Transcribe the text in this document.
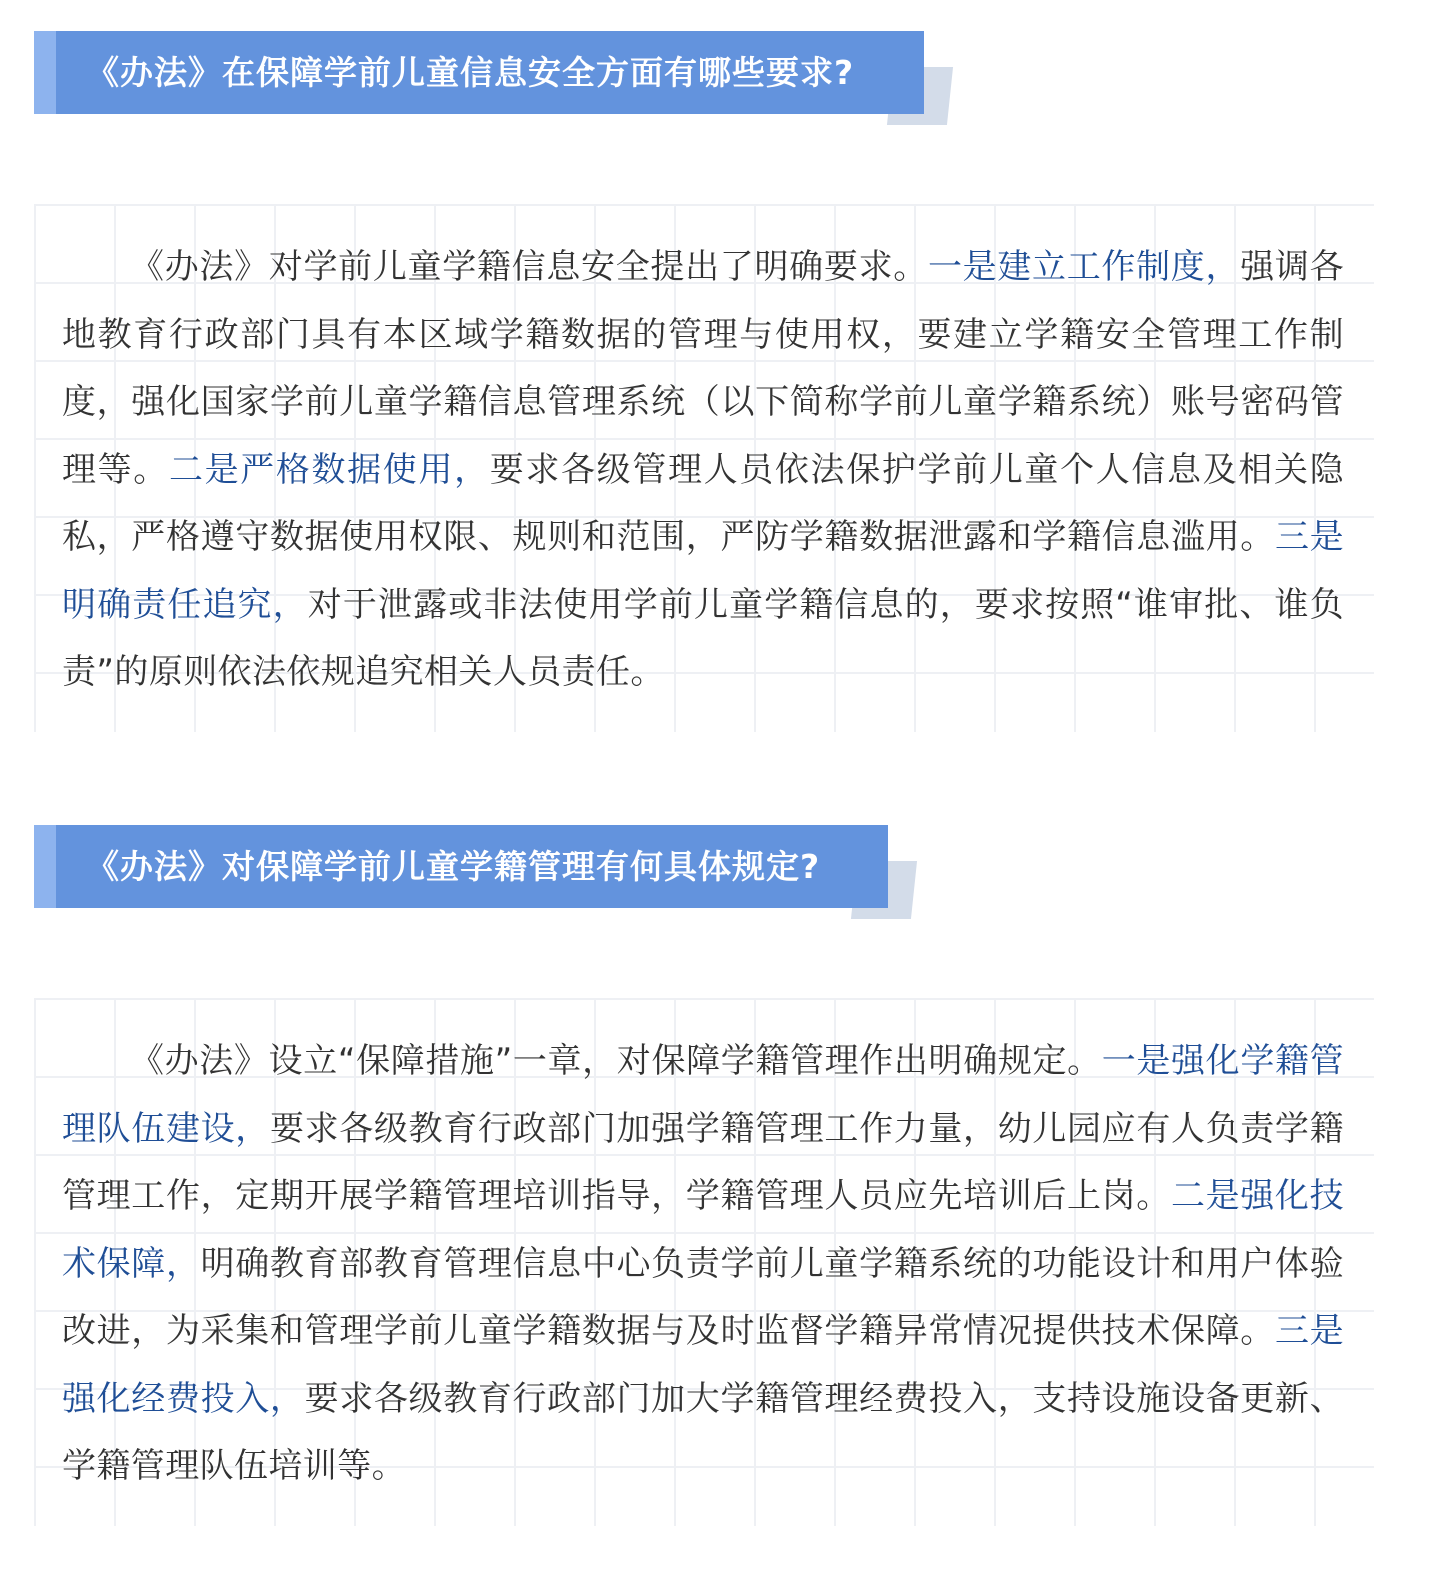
《办法》在保障学前儿童信息安全方面有哪些要求?

《办法》对学前儿童学籍信息安全提出了明确要求。一是建立工作制度，强调各地教育行政部门具有本区域学籍数据的管理与使用权，要建立学籍安全管理工作制度，强化国家学前儿童学籍信息管理系统（以下简称学前儿童学籍系统）账号密码管理等。二是严格数据使用，要求各级管理人员依法保护学前儿童个人信息及相关隐私，严格遵守数据使用权限、规则和范围，严防学籍数据泄露和学籍信息滥用。三是明确责任追究，对于泄露或非法使用学前儿童学籍信息的，要求按照“谁审批、谁负责”的原则依法依规追究相关人员责任。

《办法》对保障学前儿童学籍管理有何具体规定?

《办法》设立“保障措施”一章，对保障学籍管理作出明确规定。一是强化学籍管理队伍建设，要求各级教育行政部门加强学籍管理工作力量，幼儿园应有人负责学籍管理工作，定期开展学籍管理培训指导，学籍管理人员应先培训后上岗。二是强化技术保障，明确教育部教育管理信息中心负责学前儿童学籍系统的功能设计和用户体验改进，为采集和管理学前儿童学籍数据与及时监督学籍异常情况提供技术保障。三是强化经费投入，要求各级教育行政部门加大学籍管理经费投入，支持设施设备更新、学籍管理队伍培训等。
